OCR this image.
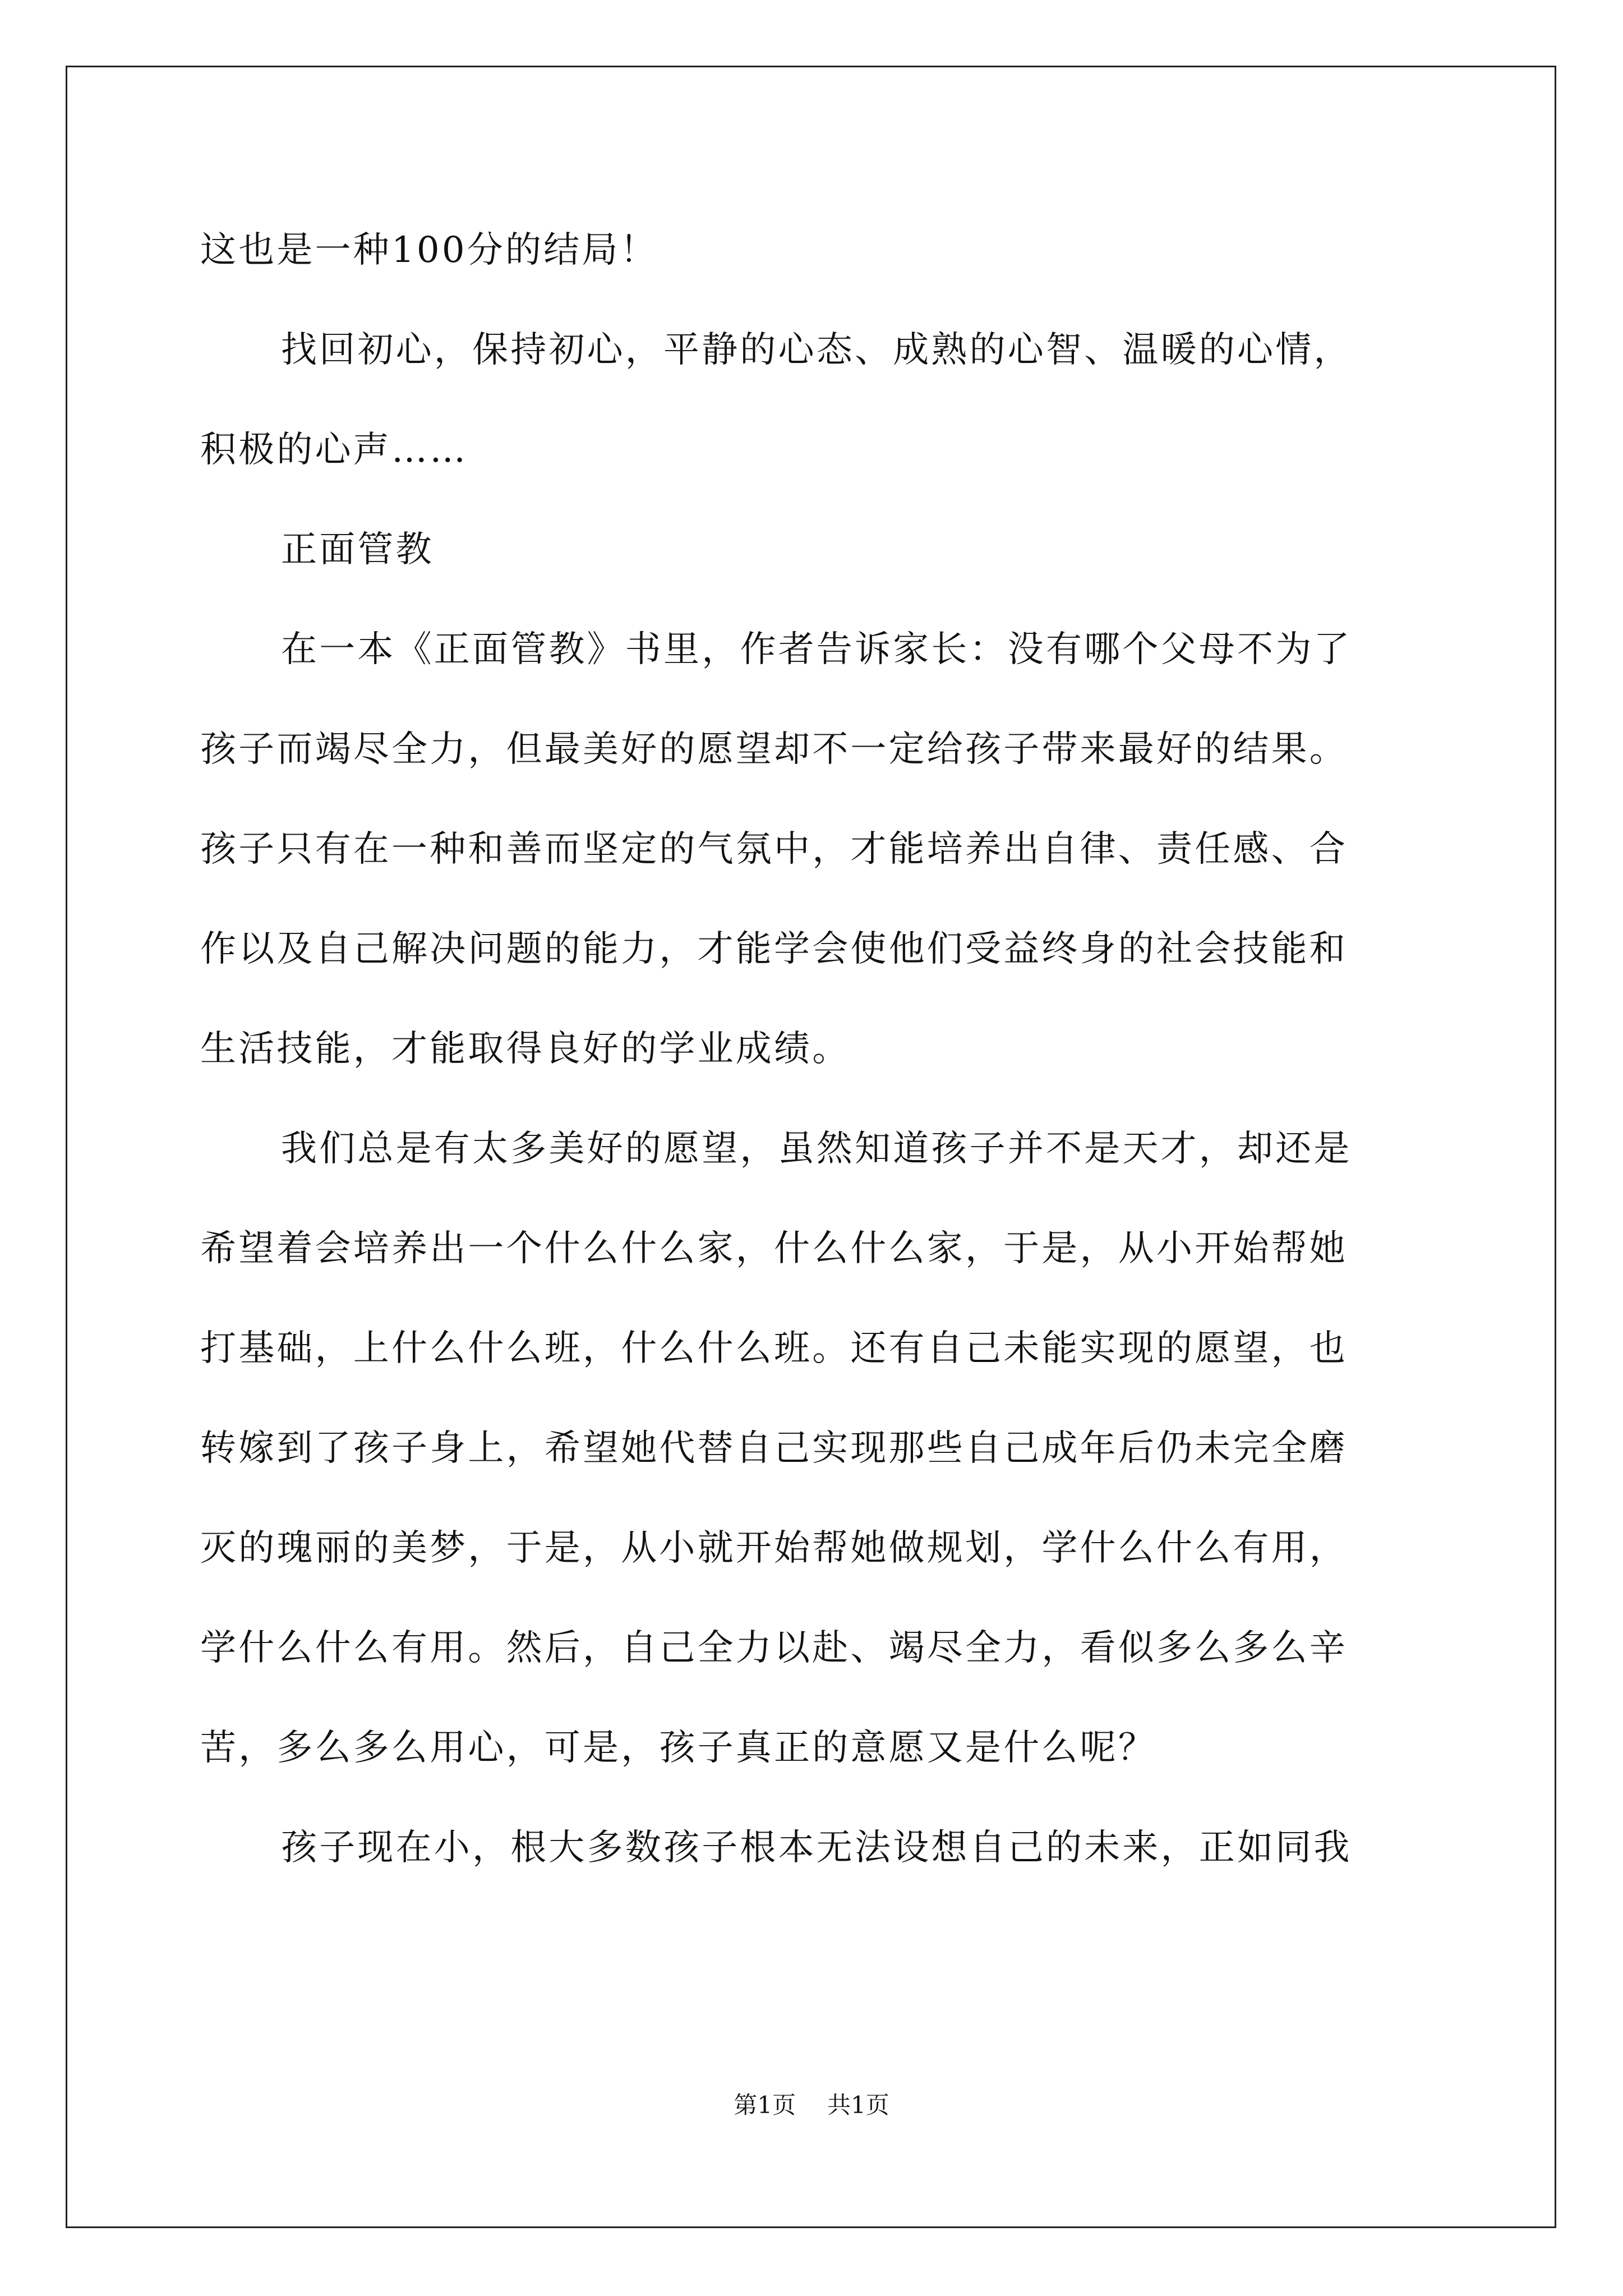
这也是一种100分的结局！
找回初心，保持初心，平静的心态、成熟的心智、温暖的心情，
积极的心声……
正面管教
在一本《正面管教》书里，作者告诉家长：没有哪个父母不为了
孩子而竭尽全力，但最美好的愿望却不一定给孩子带来最好的结果。
孩子只有在一种和善而坚定的气氛中，才能培养出自律、责任感、合
作以及自己解决问题的能力，才能学会使他们受益终身的社会技能和
生活技能，才能取得良好的学业成绩。
我们总是有太多美好的愿望，虽然知道孩子并不是天才，却还是
希望着会培养出一个什么什么家，什么什么家，于是，从小开始帮她
打基础，上什么什么班，什么什么班。还有自己未能实现的愿望，也
转嫁到了孩子身上，希望她代替自己实现那些自己成年后仍未完全磨
灭的瑰丽的美梦，于是，从小就开始帮她做规划，学什么什么有用，
学什么什么有用。然后，自己全力以赴、竭尽全力，看似多么多么辛
苦，多么多么用心，可是，孩子真正的意愿又是什么呢？
孩子现在小，根大多数孩子根本无法设想自己的未来，正如同我
第1页 共1页
